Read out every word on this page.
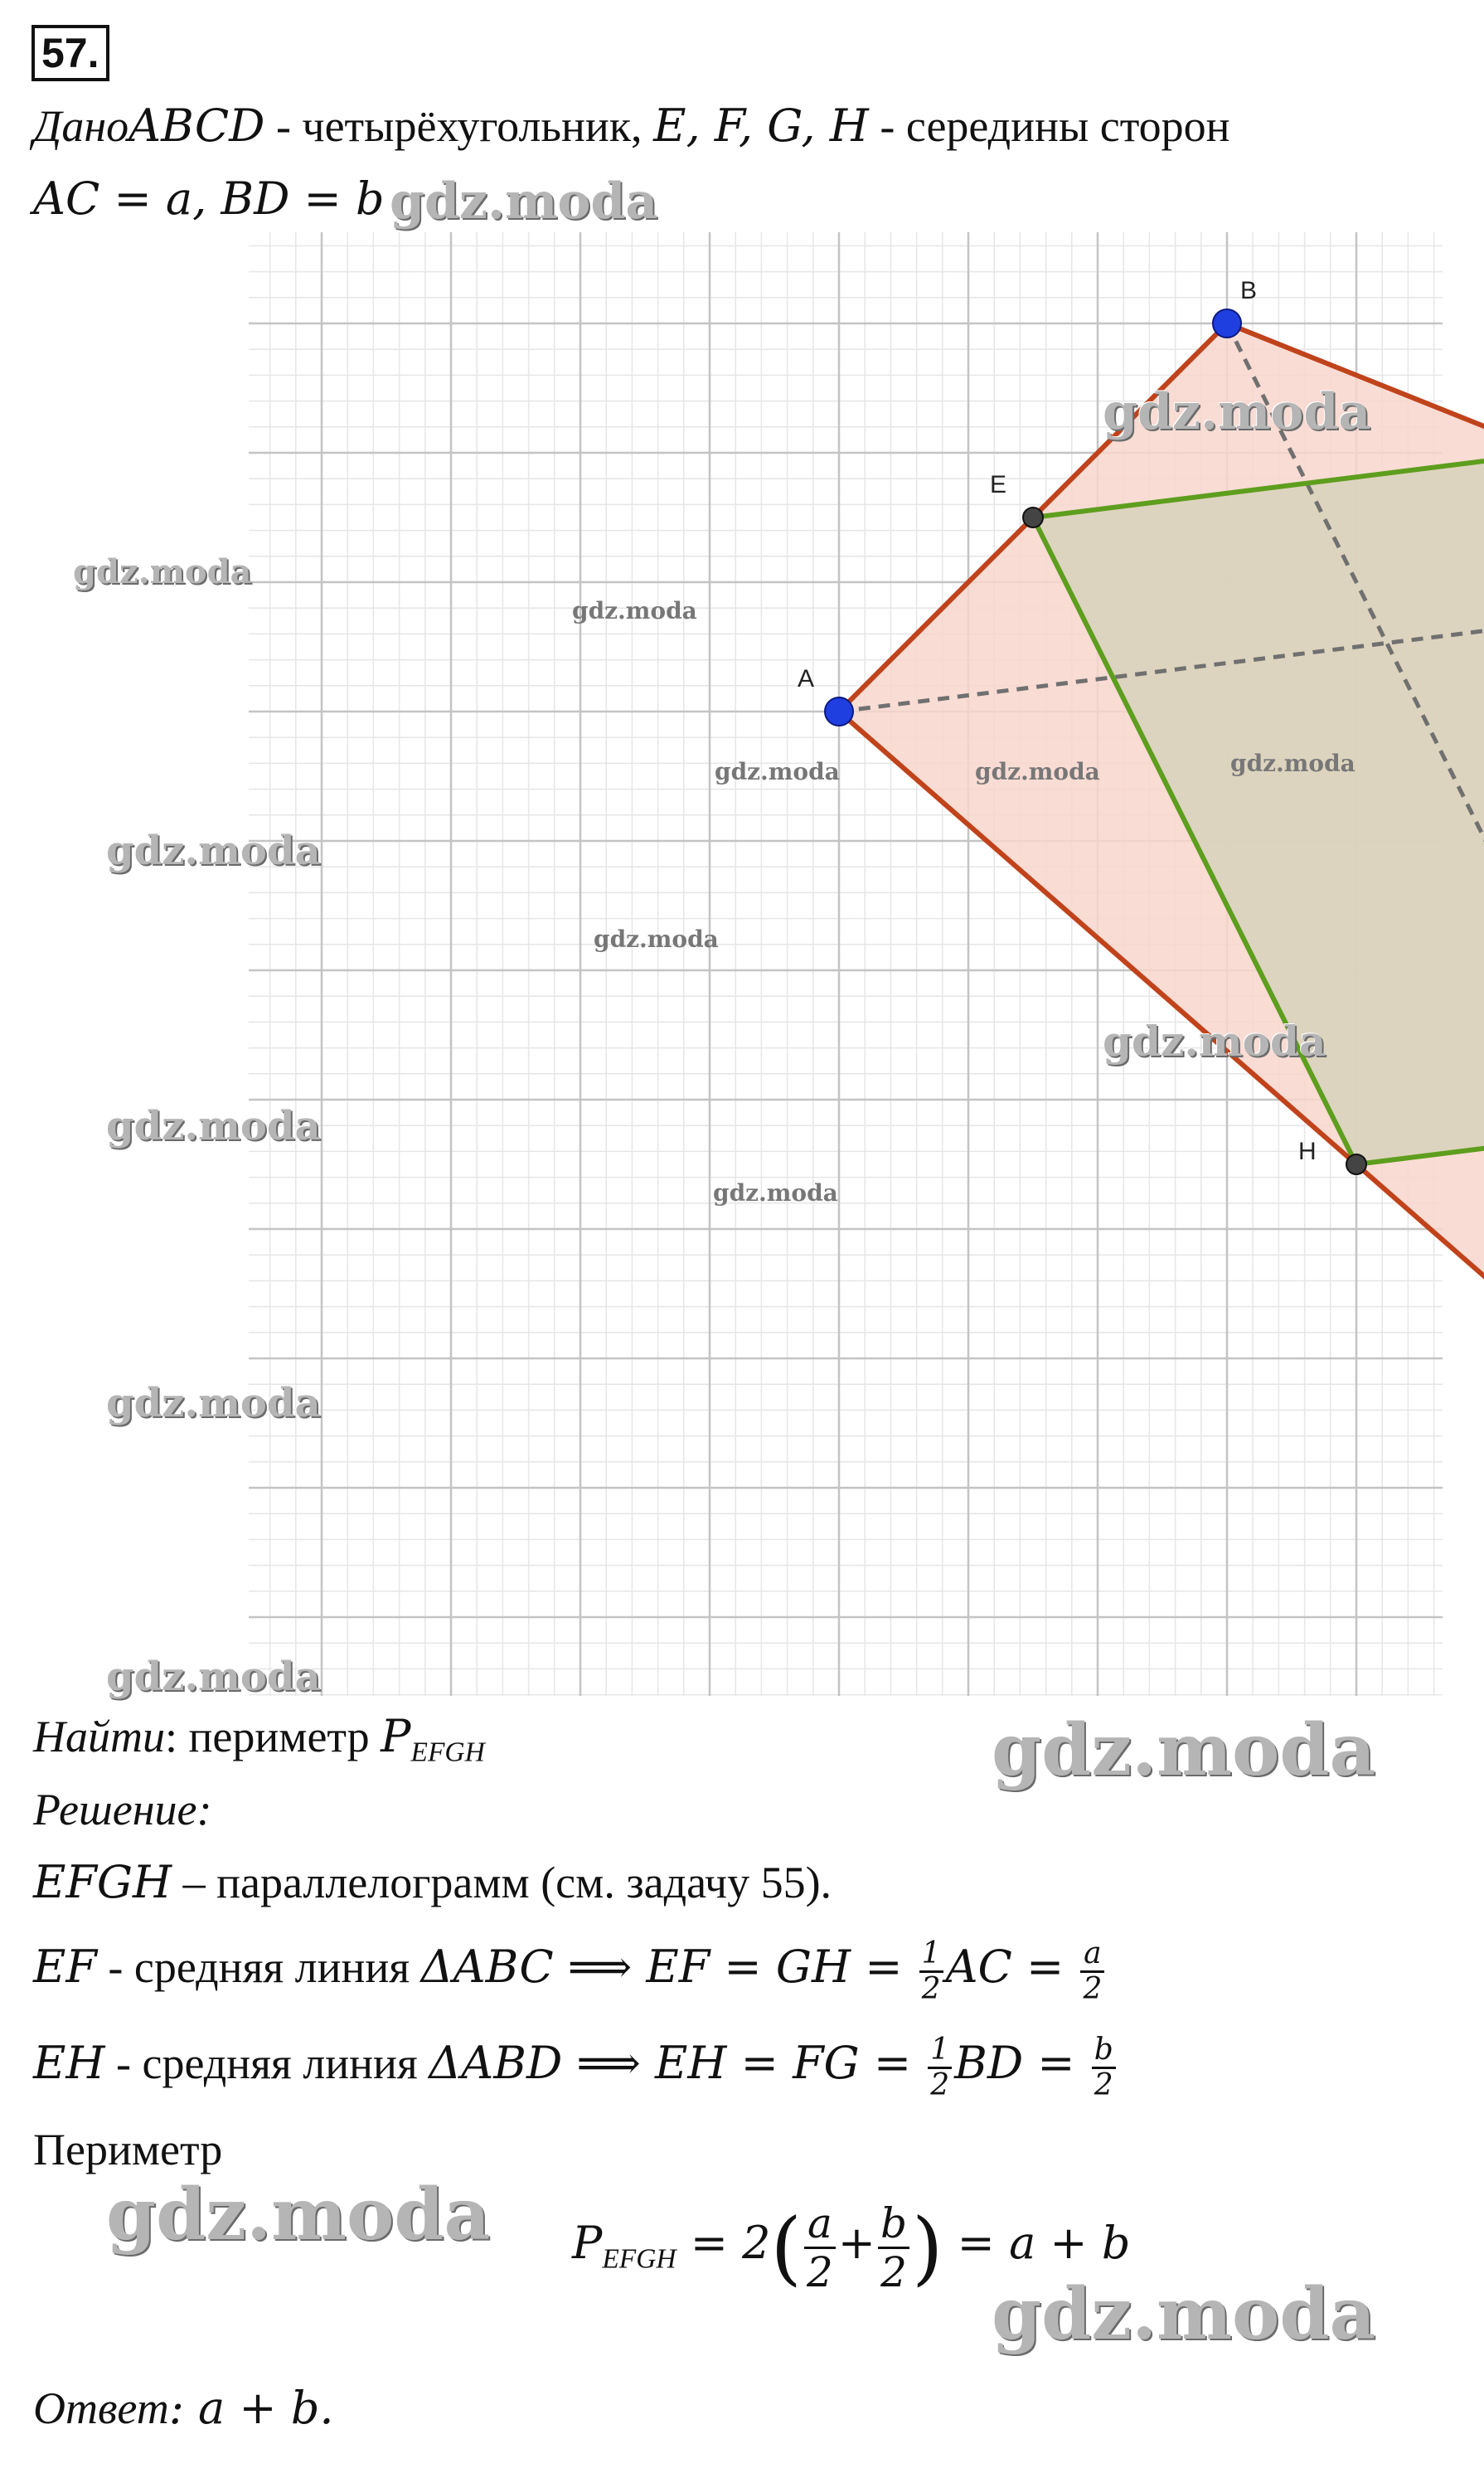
57.
ДаноABCD - четырёхугольник, E, F, G, H - середины сторон
AC = a, BD = b
A
B
E
H
Найти: периметр $P_{EFGH}$
Решение:
EFGH – параллелограмм (см. задачу 55).
EF - средняя линия ΔABC ⟹ EF = GH = $\frac{1}{2}$ AC = $\frac{a}{2}$
EH - средняя линия ΔABD ⟹ EH = FG = $\frac{1}{2}$ BD = $\frac{b}{2}$
Периметр
$P_{EFGH} = 2( \frac{a}{2} + \frac{b}{2}$ ) = a + b
Ответ: a + b.
gdz.moda
gdz.moda
gdz.moda
gdz.moda
gdz.moda
gdz.moda	gdz.moda	gdz.moda
gdz.moda
gdz.moda
gdz.moda
gdz.moda
gdz.moda
gdz.moda
gdz.moda
gdz.moda
gdz.moda
